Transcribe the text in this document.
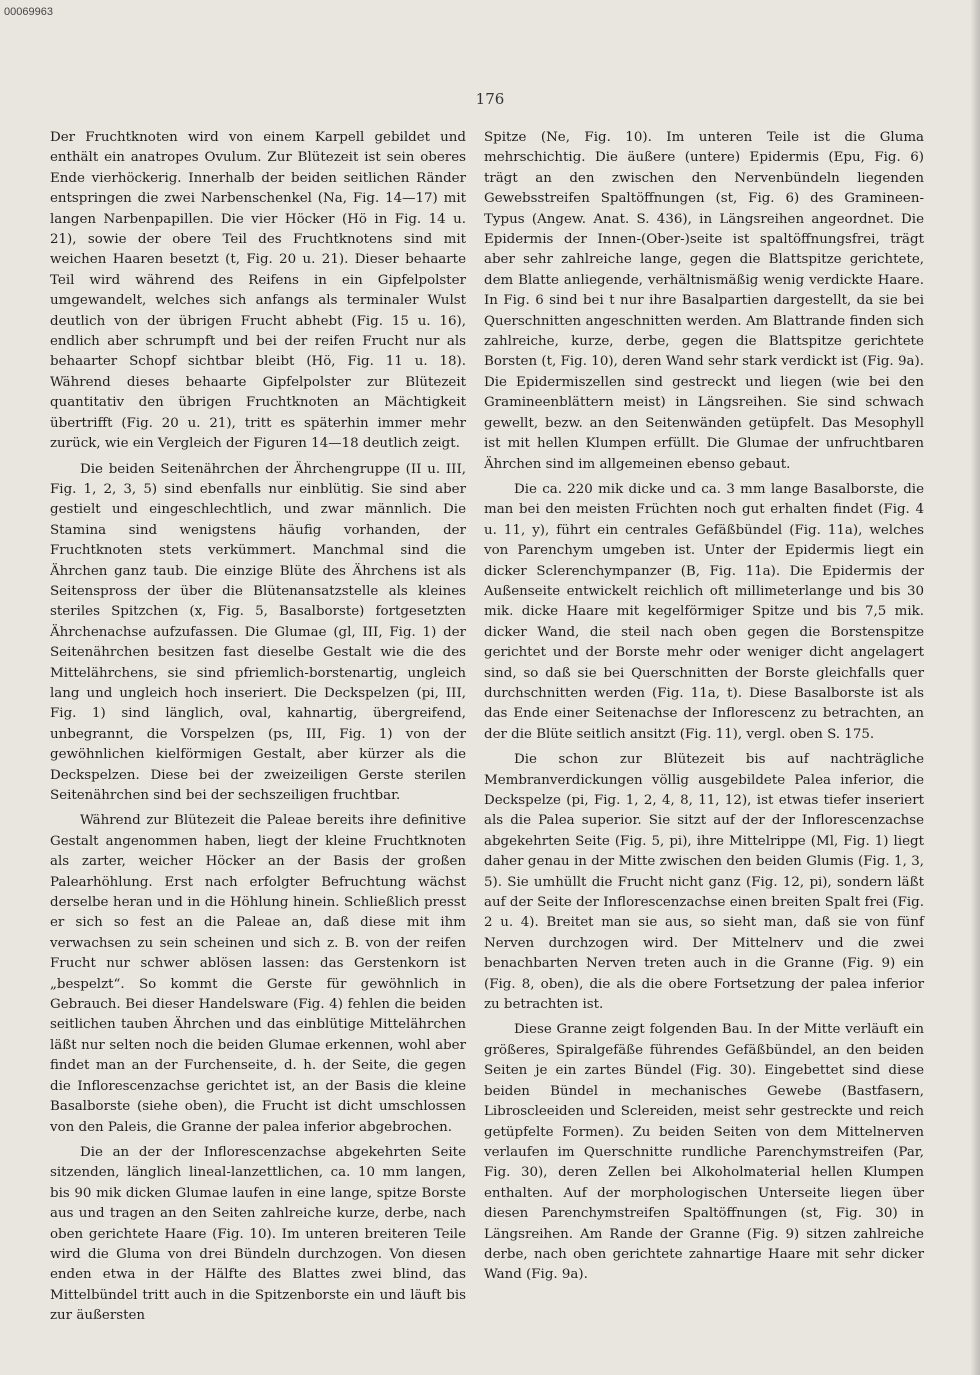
00069963
176

Der Fruchtknoten wird von einem Karpell gebildet und enthält ein anatropes Ovulum. Zur Blütezeit ist sein oberes Ende vierhöckerig. Innerhalb der beiden seitlichen Ränder entspringen die zwei Narbenschenkel (Na, Fig. 14—17) mit langen Narbenpapillen. Die vier Höcker (Hö in Fig. 14 u. 21), sowie der obere Teil des Fruchtknotens sind mit weichen Haaren besetzt (t, Fig. 20 u. 21). Dieser behaarte Teil wird während des Reifens in ein Gipfelpolster umgewandelt, welches sich anfangs als terminaler Wulst deutlich von der übrigen Frucht abhebt (Fig. 15 u. 16), endlich aber schrumpft und bei der reifen Frucht nur als behaarter Schopf sichtbar bleibt (Hö, Fig. 11 u. 18). Während dieses behaarte Gipfelpolster zur Blütezeit quantitativ den übrigen Fruchtknoten an Mächtigkeit übertrifft (Fig. 20 u. 21), tritt es späterhin immer mehr zurück, wie ein Vergleich der Figuren 14—18 deutlich zeigt.

Die beiden Seitenährchen der Ährchengruppe (II u. III, Fig. 1, 2, 3, 5) sind ebenfalls nur einblütig. Sie sind aber gestielt und eingeschlechtlich, und zwar männlich. Die Stamina sind wenigstens häufig vorhanden, der Fruchtknoten stets verkümmert. Manchmal sind die Ährchen ganz taub. Die einzige Blüte des Ährchens ist als Seitenspross der über die Blütenansatzstelle als kleines steriles Spitzchen (x, Fig. 5, Basalborste) fortgesetzten Ährchenachse aufzufassen. Die Glumae (gl, III, Fig. 1) der Seitenährchen besitzen fast dieselbe Gestalt wie die des Mittelährchens, sie sind pfriemlich-borstenartig, ungleich lang und ungleich hoch inseriert. Die Deckspelzen (pi, III, Fig. 1) sind länglich, oval, kahnartig, übergreifend, unbegrannt, die Vorspelzen (ps, III, Fig. 1) von der gewöhnlichen kielförmigen Gestalt, aber kürzer als die Deckspelzen. Diese bei der zweizeiligen Gerste sterilen Seitenährchen sind bei der sechszeiligen fruchtbar.

Während zur Blütezeit die Paleae bereits ihre definitive Gestalt angenommen haben, liegt der kleine Fruchtknoten als zarter, weicher Höcker an der Basis der großen Palearhöhlung. Erst nach erfolgter Befruchtung wächst derselbe heran und in die Höhlung hinein. Schließlich presst er sich so fest an die Paleae an, daß diese mit ihm verwachsen zu sein scheinen und sich z. B. von der reifen Frucht nur schwer ablösen lassen: das Gerstenkorn ist „bespelzt“. So kommt die Gerste für gewöhnlich in Gebrauch. Bei dieser Handelsware (Fig. 4) fehlen die beiden seitlichen tauben Ährchen und das einblütige Mittelährchen läßt nur selten noch die beiden Glumae erkennen, wohl aber findet man an der Furchenseite, d. h. der Seite, die gegen die Inflorescenzachse gerichtet ist, an der Basis die kleine Basalborste (siehe oben), die Frucht ist dicht umschlossen von den Paleis, die Granne der palea inferior abgebrochen.

Die an der der Inflorescenzachse abgekehrten Seite sitzenden, länglich lineal-lanzettlichen, ca. 10 mm langen, bis 90 mik dicken Glumae laufen in eine lange, spitze Borste aus und tragen an den Seiten zahlreiche kurze, derbe, nach oben gerichtete Haare (Fig. 10). Im unteren breiteren Teile wird die Gluma von drei Bündeln durchzogen. Von diesen enden etwa in der Hälfte des Blattes zwei blind, das Mittelbündel tritt auch in die Spitzenborste ein und läuft bis zur äußersten

Spitze (Ne, Fig. 10). Im unteren Teile ist die Gluma mehrschichtig. Die äußere (untere) Epidermis (Epu, Fig. 6) trägt an den zwischen den Nervenbündeln liegenden Gewebsstreifen Spaltöffnungen (st, Fig. 6) des Gramineen-Typus (Angew. Anat. S. 436), in Längsreihen angeordnet. Die Epidermis der Innen-(Ober-)seite ist spaltöffnungsfrei, trägt aber sehr zahlreiche lange, gegen die Blattspitze gerichtete, dem Blatte anliegende, verhältnismäßig wenig verdickte Haare. In Fig. 6 sind bei t nur ihre Basalpartien dargestellt, da sie bei Querschnitten angeschnitten werden. Am Blattrande finden sich zahlreiche, kurze, derbe, gegen die Blattspitze gerichtete Borsten (t, Fig. 10), deren Wand sehr stark verdickt ist (Fig. 9a). Die Epidermiszellen sind gestreckt und liegen (wie bei den Gramineenblättern meist) in Längsreihen. Sie sind schwach gewellt, bezw. an den Seitenwänden getüpfelt. Das Mesophyll ist mit hellen Klumpen erfüllt. Die Glumae der unfruchtbaren Ährchen sind im allgemeinen ebenso gebaut.

Die ca. 220 mik dicke und ca. 3 mm lange Basalborste, die man bei den meisten Früchten noch gut erhalten findet (Fig. 4 u. 11, y), führt ein centrales Gefäßbündel (Fig. 11a), welches von Parenchym umgeben ist. Unter der Epidermis liegt ein dicker Sclerenchympanzer (B, Fig. 11a). Die Epidermis der Außenseite entwickelt reichlich oft millimeterlange und bis 30 mik. dicke Haare mit kegelförmiger Spitze und bis 7,5 mik. dicker Wand, die steil nach oben gegen die Borstenspitze gerichtet und der Borste mehr oder weniger dicht angelagert sind, so daß sie bei Querschnitten der Borste gleichfalls quer durchschnitten werden (Fig. 11a, t). Diese Basalborste ist als das Ende einer Seitenachse der Inflorescenz zu betrachten, an der die Blüte seitlich ansitzt (Fig. 11), vergl. oben S. 175.

Die schon zur Blütezeit bis auf nachträgliche Membranverdickungen völlig ausgebildete Palea inferior, die Deckspelze (pi, Fig. 1, 2, 4, 8, 11, 12), ist etwas tiefer inseriert als die Palea superior. Sie sitzt auf der der Inflorescenzachse abgekehrten Seite (Fig. 5, pi), ihre Mittelrippe (Ml, Fig. 1) liegt daher genau in der Mitte zwischen den beiden Glumis (Fig. 1, 3, 5). Sie umhüllt die Frucht nicht ganz (Fig. 12, pi), sondern läßt auf der Seite der Inflorescenzachse einen breiten Spalt frei (Fig. 2 u. 4). Breitet man sie aus, so sieht man, daß sie von fünf Nerven durchzogen wird. Der Mittelnerv und die zwei benachbarten Nerven treten auch in die Granne (Fig. 9) ein (Fig. 8, oben), die als die obere Fortsetzung der palea inferior zu betrachten ist.

Diese Granne zeigt folgenden Bau. In der Mitte verläuft ein größeres, Spiralgefäße führendes Gefäßbündel, an den beiden Seiten je ein zartes Bündel (Fig. 30). Eingebettet sind diese beiden Bündel in mechanisches Gewebe (Bastfasern, Libroscleeiden und Sclereiden, meist sehr gestreckte und reich getüpfelte Formen). Zu beiden Seiten von dem Mittelnerven verlaufen im Querschnitte rundliche Parenchymstreifen (Par, Fig. 30), deren Zellen bei Alkoholmaterial hellen Klumpen enthalten. Auf der morphologischen Unterseite liegen über diesen Parenchymstreifen Spaltöffnungen (st, Fig. 30) in Längsreihen. Am Rande der Granne (Fig. 9) sitzen zahlreiche derbe, nach oben gerichtete zahnartige Haare mit sehr dicker Wand (Fig. 9a).
